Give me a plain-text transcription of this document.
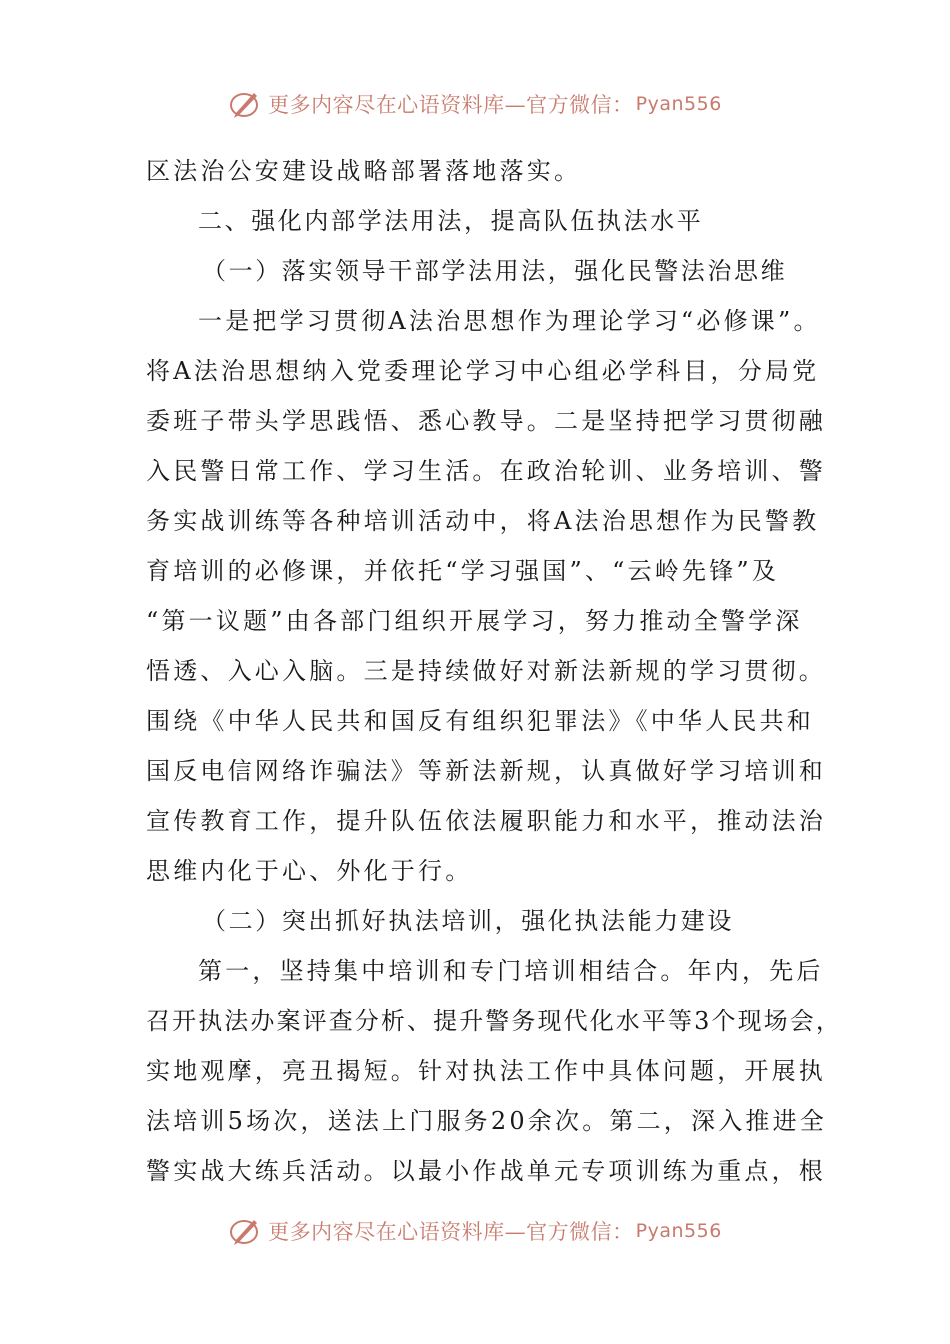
更多内容尽在心语资料库—官方微信： Pyan556
区法治公安建设战略部署落地落实。
二、强化内部学法用法，提高队伍执法水平
（一）落实领导干部学法用法，强化民警法治思维
一是把学习贯彻A法治思想作为理论学习“必修课”。
将A法治思想纳入党委理论学习中心组必学科目，分局党
委班子带头学思践悟、悉心教导。二是坚持把学习贯彻融
入民警日常工作、学习生活。在政治轮训、业务培训、警
务实战训练等各种培训活动中，将A法治思想作为民警教
育培训的必修课，并依托“学习强国”、“云岭先锋”及
“第一议题”由各部门组织开展学习，努力推动全警学深
悟透、入心入脑。三是持续做好对新法新规的学习贯彻。
围绕《中华人民共和国反有组织犯罪法》《中华人民共和
国反电信网络诈骗法》等新法新规，认真做好学习培训和
宣传教育工作，提升队伍依法履职能力和水平，推动法治
思维内化于心、外化于行。
（二）突出抓好执法培训，强化执法能力建设
第一，坚持集中培训和专门培训相结合。年内，先后
召开执法办案评查分析、提升警务现代化水平等3个现场会，
实地观摩，亮丑揭短。针对执法工作中具体问题，开展执
法培训5场次，送法上门服务20余次。第二，深入推进全
警实战大练兵活动。以最小作战单元专项训练为重点，根
更多内容尽在心语资料库—官方微信： Pyan556
